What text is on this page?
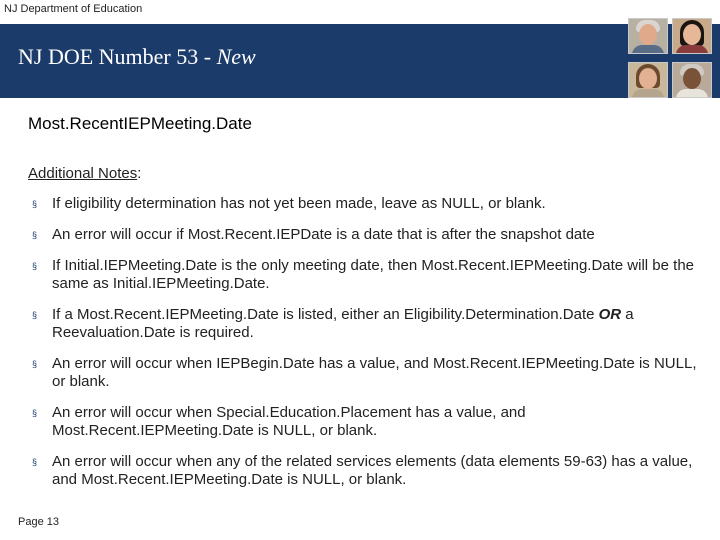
NJ Department of Education
NJ DOE Number 53 - New
Most.RecentIEPMeeting.Date
Additional Notes:
§ If eligibility determination has not yet been made, leave as NULL, or blank.
§ An error will occur if Most.Recent.IEPDate is a date that is after the snapshot date
§ If Initial.IEPMeeting.Date is the only meeting date, then Most.Recent.IEPMeeting.Date will be the same as Initial.IEPMeeting.Date.
§ If a Most.Recent.IEPMeeting.Date is listed, either an Eligibility.Determination.Date OR a Reevaluation.Date is required.
§ An error will occur when IEPBegin.Date has a value, and Most.Recent.IEPMeeting.Date is NULL, or blank.
§ An error will occur when Special.Education.Placement has a value, and Most.Recent.IEPMeeting.Date is NULL, or blank.
§ An error will occur when any of the related services elements (data elements 59-63) has a value, and Most.Recent.IEPMeeting.Date is NULL, or blank.
Page 13
